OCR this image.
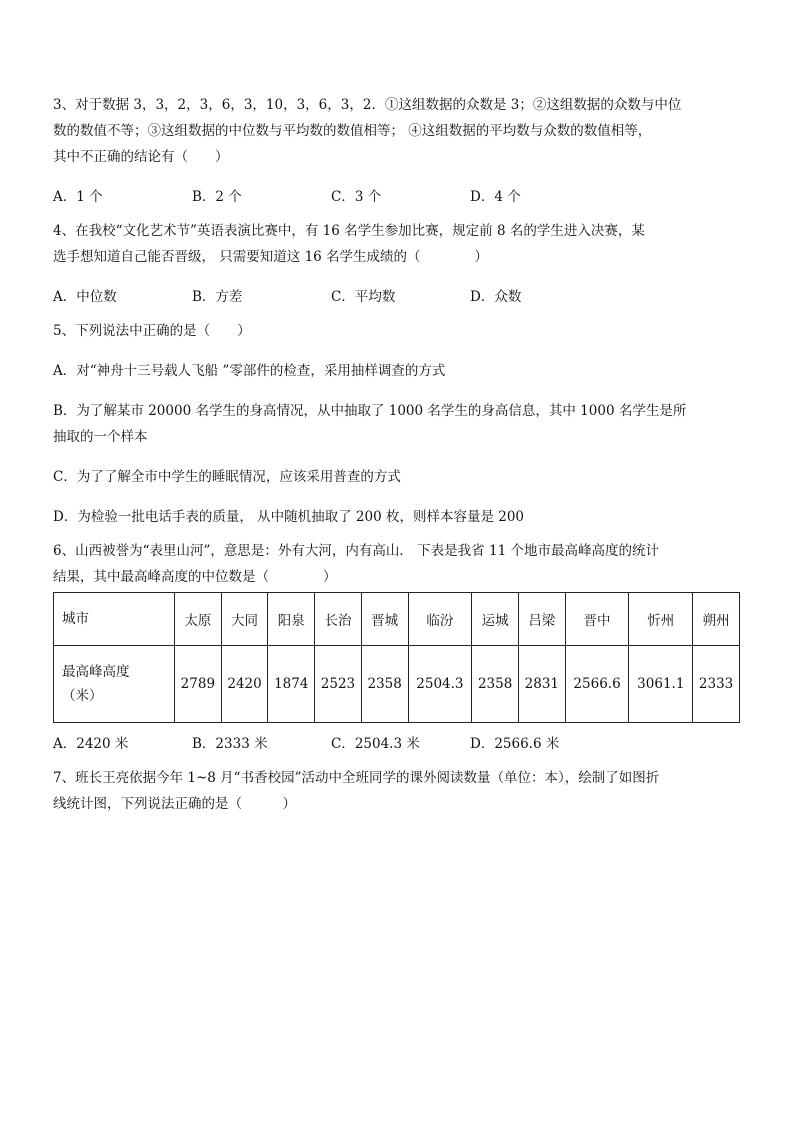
3、对于数据 3，3，2，3，6，3，10，3，6，3，2．①这组数据的众数是 3；②这组数据的众数与中位

数的数值不等；③这组数据的中位数与平均数的数值相等； ④这组数据的平均数与众数的数值相等，

其中不正确的结论有（　　）

A．1 个	B．2 个	C．3 个	D．4 个

4、在我校“文化艺术节”英语表演比赛中，有 16 名学生参加比赛，规定前 8 名的学生进入决赛，某

选手想知道自己能否晋级， 只需要知道这 16 名学生成绩的（　　　　）

A．中位数	B．方差	C．平均数	D．众数

5、下列说法中正确的是（　　）

A．对“神舟十三号载人飞船 ”零部件的检查，采用抽样调查的方式

B．为了解某市 20000 名学生的身高情况，从中抽取了 1000 名学生的身高信息，其中 1000 名学生是所

抽取的一个样本

C．为了了解全市中学生的睡眠情况，应该采用普查的方式

D．为检验一批电话手表的质量， 从中随机抽取了 200 枚，则样本容量是 200

6、山西被誉为“表里山河”，意思是：外有大河，内有高山． 下表是我省 11 个地市最高峰高度的统计

结果，其中最高峰高度的中位数是（　　　　）

城市	太原	大同	阳泉	长治	晋城	临汾	运城	吕梁	晋中	忻州	朔州

最高峰高度
（米）	2789	2420	1874	2523	2358	2504.3	2358	2831	2566.6	3061.1	2333
A．2420 米	B．2333 米	C．2504.3 米	D．2566.6 米

7、班长王亮依据今年 1~8 月“书香校园”活动中全班同学的课外阅读数量（单位：本），绘制了如图折

线统计图，下列说法正确的是（　　　）
